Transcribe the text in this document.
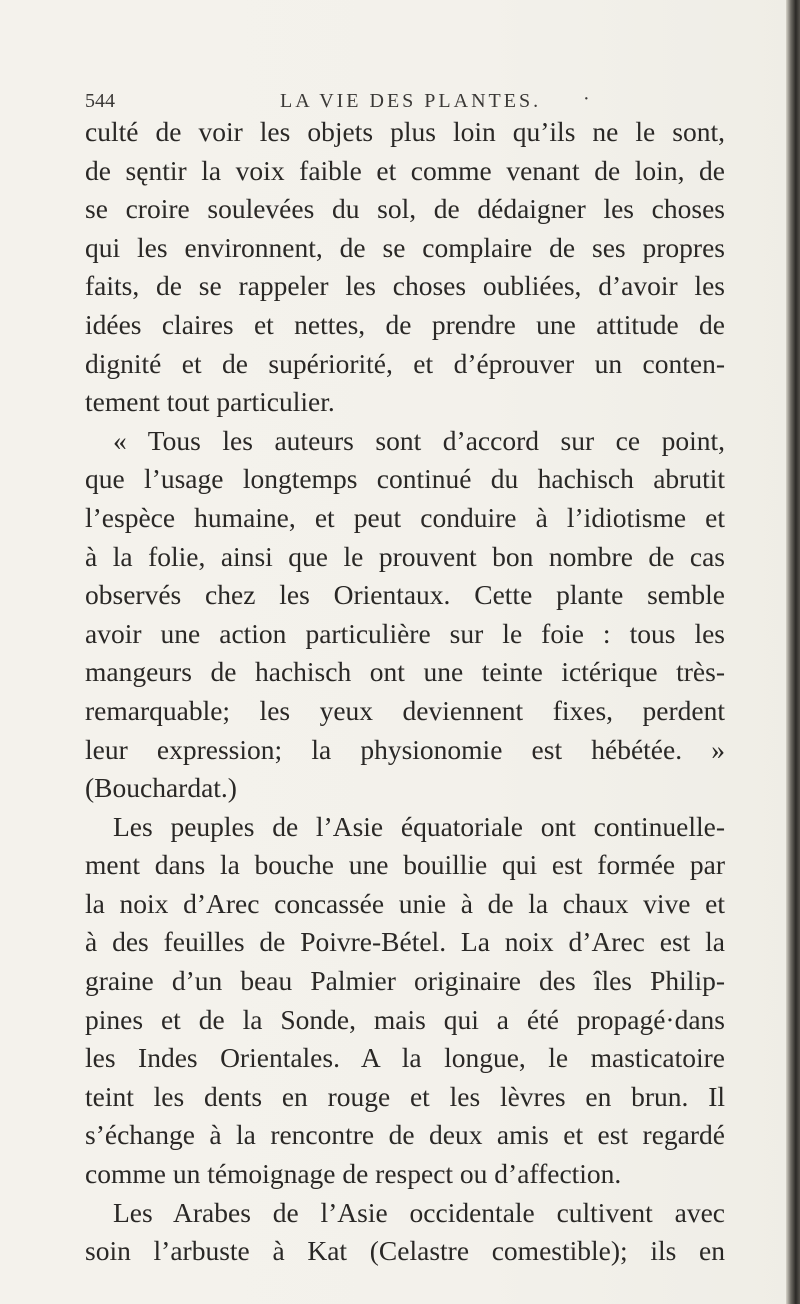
544	LA VIE DES PLANTES. ·
culté de voir les objets plus loin qu’ils ne le sont,
de sęntir la voix faible et comme venant de loin, de
se croire soulevées du sol, de dédaigner les choses
qui les environnent, de se complaire de ses propres
faits, de se rappeler les choses oubliées, d’avoir les
idées claires et nettes, de prendre une attitude de
dignité et de supériorité, et d’éprouver un conten-
tement tout particulier.
« Tous les auteurs sont d’accord sur ce point,
que l’usage longtemps continué du hachisch abrutit
l’espèce humaine, et peut conduire à l’idiotisme et
à la folie, ainsi que le prouvent bon nombre de cas
observés chez les Orientaux. Cette plante semble
avoir une action particulière sur le foie : tous les
mangeurs de hachisch ont une teinte ictérique très-
remarquable; les yeux deviennent fixes, perdent
leur expression; la physionomie est hébétée. »
(Bouchardat.)
Les peuples de l’Asie équatoriale ont continuelle-
ment dans la bouche une bouillie qui est formée par
la noix d’Arec concassée unie à de la chaux vive et
à des feuilles de Poivre-Bétel. La noix d’Arec est la
graine d’un beau Palmier originaire des îles Philip-
pines et de la Sonde, mais qui a été propagé·dans
les Indes Orientales. A la longue, le masticatoire
teint les dents en rouge et les lèvres en brun. Il
s’échange à la rencontre de deux amis et est regardé
comme un témoignage de respect ou d’affection.
Les Arabes de l’Asie occidentale cultivent avec
soin l’arbuste à Kat (Celastre comestible); ils en
